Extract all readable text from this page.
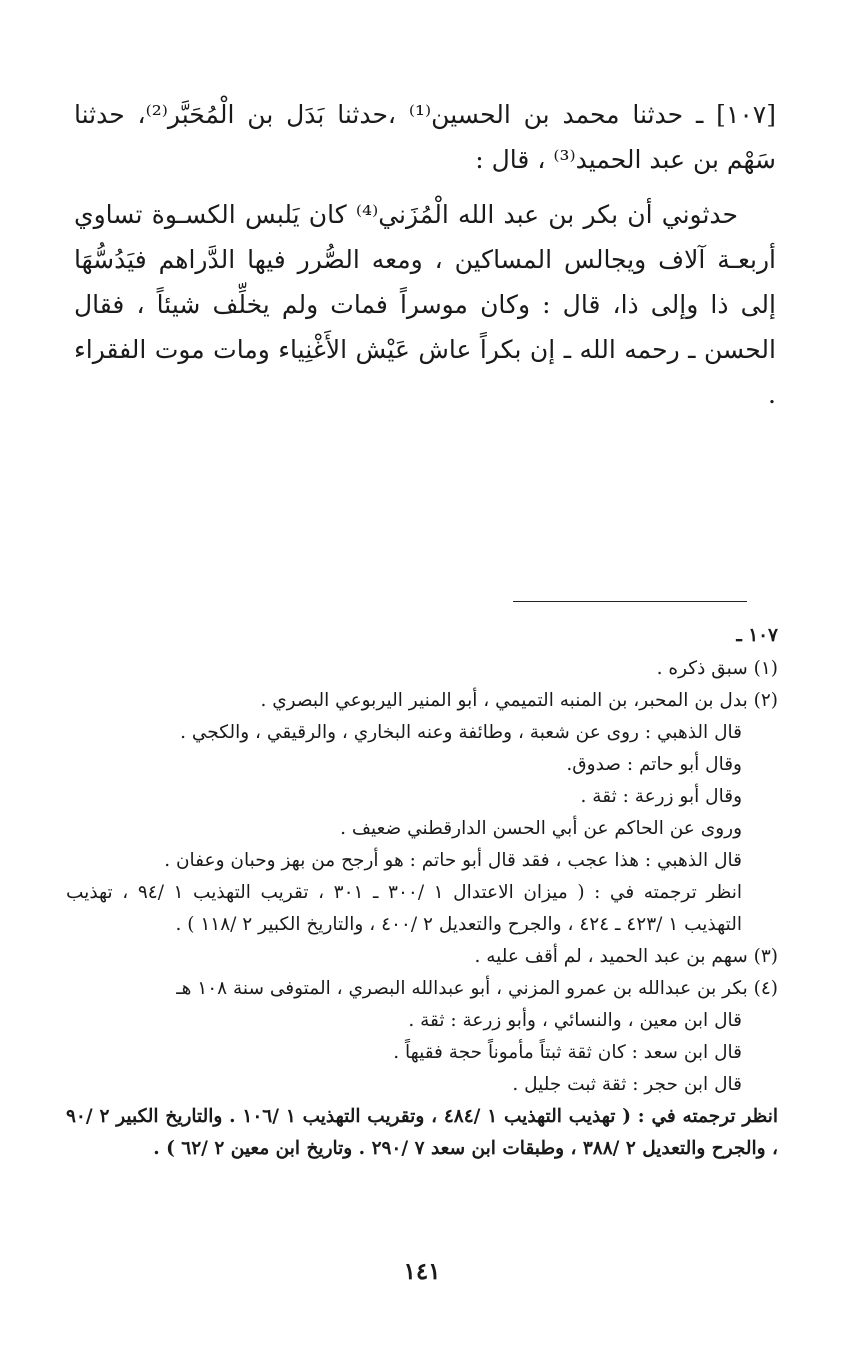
[١٠٧] ـ حدثنا محمد بن الحسين⁽¹⁾ ،حدثنا بَدَل بن الْمُحَبَّر⁽²⁾، حدثنا سَهْم بن عبد الحميد⁽³⁾ ، قال :

حدثوني أن بكر بن عبد الله الْمُزَني⁽⁴⁾ كان يَلبس الكسـوة تساوي أربعـة آلاف ويجالس المساكين ، ومعه الصُّرر فيها الدَّراهم فيَدُسُّهَا إلى ذا وإلى ذا، قال : وكان موسراً فمات ولم يخلِّف شيئاً ، فقال الحسن ـ رحمه الله ـ إن بكراً عاش عَيْش الأَغْنِياء ومات موت الفقراء .

١٠٧ ـ

(١) سبق ذكره .

(٢) بدل بن المحبر، بن المنبه التميمي ، أبو المنير اليربوعي البصري .

قال الذهبي : روى عن شعبة ، وطائفة وعنه البخاري ، والرقيقي ، والكجي .

وقال أبو حاتم : صدوق.

وقال أبو زرعة : ثقة .

وروى عن الحاكم عن أبي الحسن الدارقطني ضعيف .

قال الذهبي : هذا عجب ، فقد قال أبو حاتم : هو أرجح من بهز وحبان وعفان .

انظر ترجمته في : ( ميزان الاعتدال ١ /٣٠٠ ـ ٣٠١ ، تقريب التهذيب ١ /٩٤ ، تهذيب التهذيب ١ /٤٢٣ ـ ٤٢٤ ، والجرح والتعديل ٢ /٤٠٠ ، والتاريخ الكبير ٢ /١١٨ ) .

(٣) سهم بن عبد الحميد ، لم أقف عليه .

(٤) بكر بن عبدالله بن عمرو المزني ، أبو عبدالله البصري ، المتوفى سنة ١٠٨ هـ

قال ابن معين ، والنسائي ، وأبو زرعة : ثقة .

قال ابن سعد : كان ثقة ثبتاً مأموناً حجة فقيهاً .

قال ابن حجر : ثقة ثبت جليل .

انظر ترجمته في : ( تهذيب التهذيب ١ /٤٨٤ ، وتقريب التهذيب ١ /١٠٦ . والتاريخ الكبير ٢ /٩٠ ، والجرح والتعديل ٢ /٣٨٨ ، وطبقات ابن سعد ٧ /٢٩٠ . وتاريخ ابن معين ٢ /٦٢ ) .

١٤١
